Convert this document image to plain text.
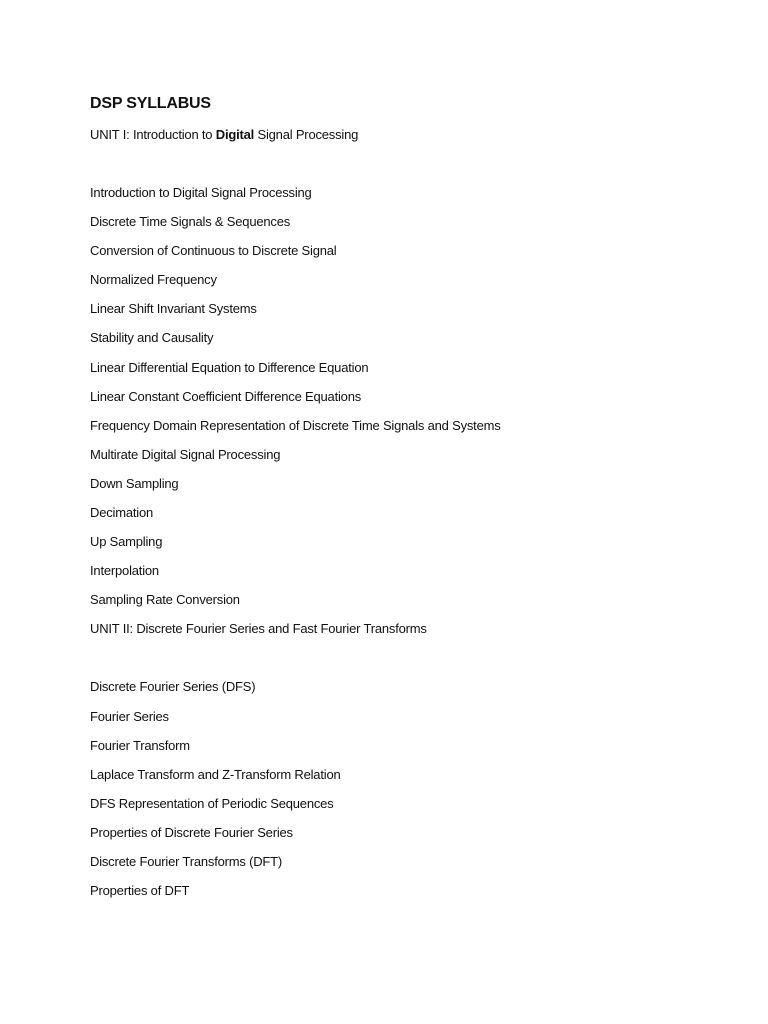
DSP SYLLABUS

UNIT I: Introduction to Digital Signal Processing

Introduction to Digital Signal Processing
Discrete Time Signals & Sequences
Conversion of Continuous to Discrete Signal
Normalized Frequency
Linear Shift Invariant Systems
Stability and Causality
Linear Differential Equation to Difference Equation
Linear Constant Coefficient Difference Equations
Frequency Domain Representation of Discrete Time Signals and Systems
Multirate Digital Signal Processing
Down Sampling
Decimation
Up Sampling
Interpolation
Sampling Rate Conversion

UNIT II: Discrete Fourier Series and Fast Fourier Transforms

Discrete Fourier Series (DFS)
Fourier Series
Fourier Transform
Laplace Transform and Z-Transform Relation
DFS Representation of Periodic Sequences
Properties of Discrete Fourier Series
Discrete Fourier Transforms (DFT)
Properties of DFT
